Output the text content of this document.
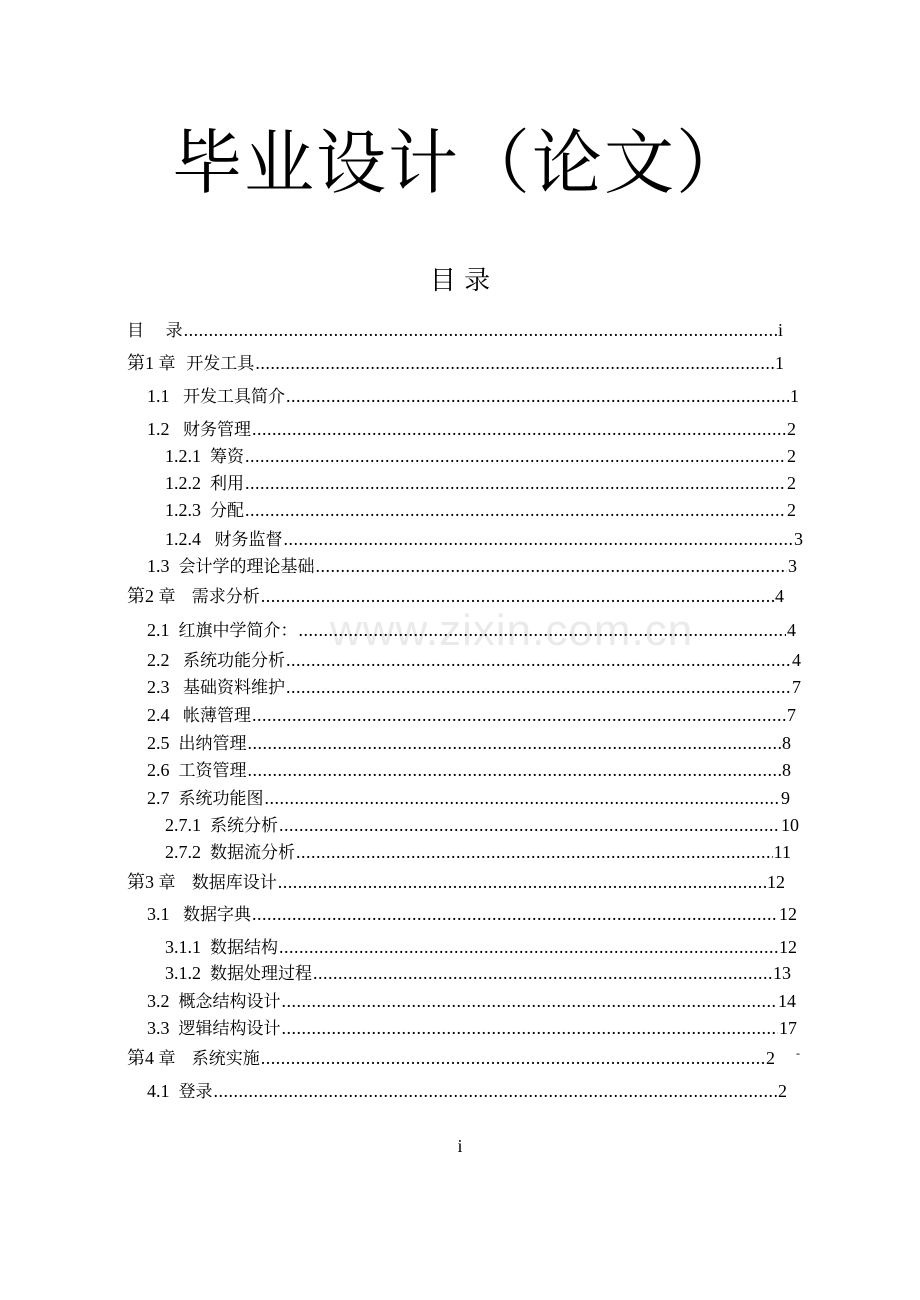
毕业设计（论文）
目 录
www.zixin.com.cn
目    录 .....	i
第1 章  开发工具 .....	1
1.1 开发工具简介 .....	1
1.2 财务管理 .....	2
1.2.1 筹资 .....	2
1.2.2 利用 .....	2
1.2.3 分配 .....	2
1.2.4 财务监督 .....	3
1.3 会计学的理论基础 .....	3
第2 章   需求分析 .....	4
2.1 红旗中学简介： .....	4
2.2 系统功能分析 .....	4
2.3 基础资料维护 .....	7
2.4 帐薄管理 .....	7
2.5 出纳管理 .....	8
2.6 工资管理 .....	8
2.7 系统功能图 .....	9
2.7.1 系统分析 .....	10
2.7.2 数据流分析 .....	11
第3 章   数据库设计 .....	12
3.1 数据字典 .....	12
3.1.1 数据结构 .....	12
3.1.2 数据处理过程 .....	13
3.2 概念结构设计 .....	14
3.3 逻辑结构设计 .....	17
第4 章   系统实施 .....	2
4.1 登录 .....	2
-
i
